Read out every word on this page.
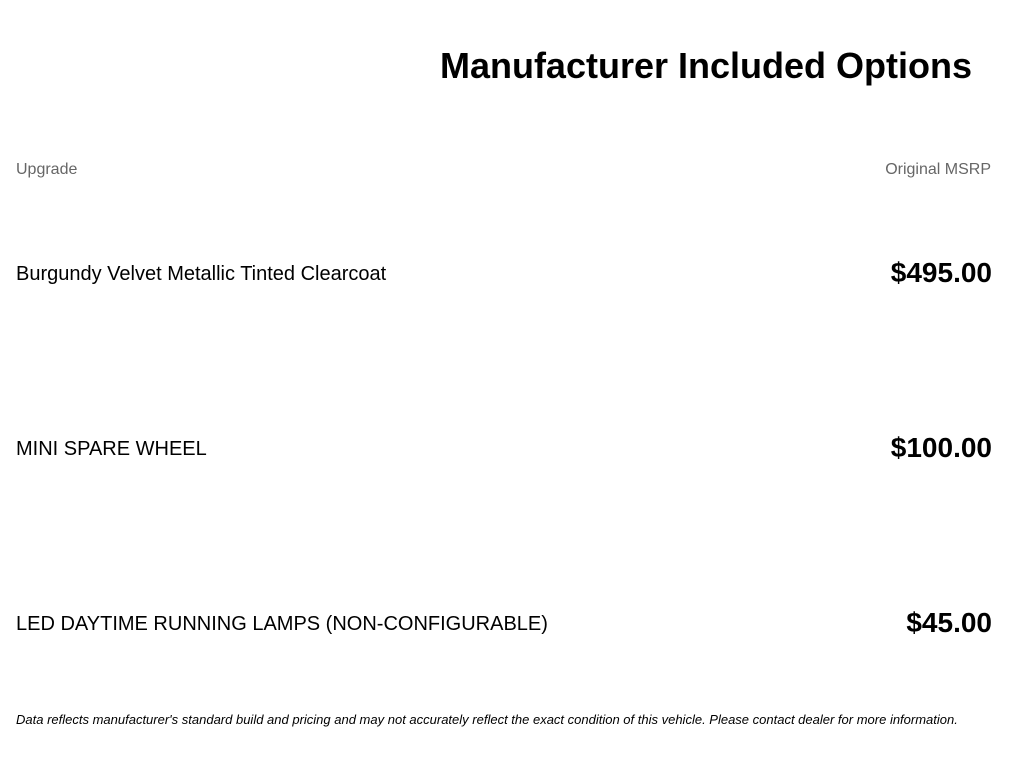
Manufacturer Included Options
Upgrade	Original MSRP
Burgundy Velvet Metallic Tinted Clearcoat	$495.00
MINI SPARE WHEEL	$100.00
LED DAYTIME RUNNING LAMPS (NON-CONFIGURABLE)	$45.00
Data reflects manufacturer's standard build and pricing and may not accurately reflect the exact condition of this vehicle. Please contact dealer for more information.
